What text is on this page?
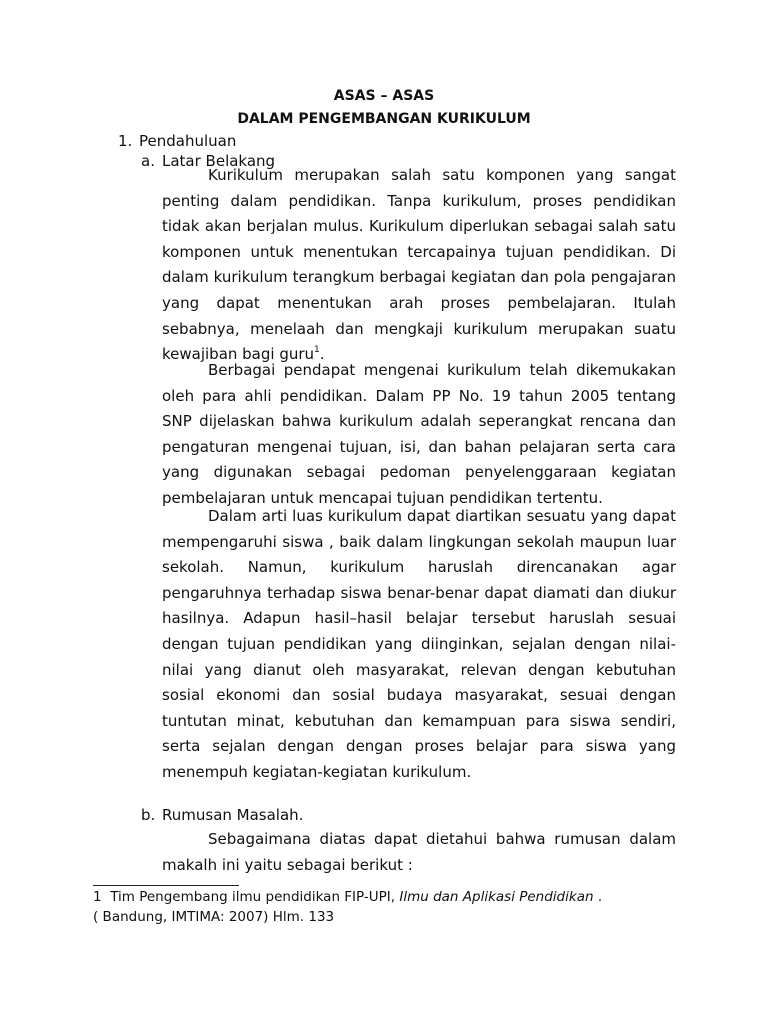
ASAS – ASAS
DALAM PENGEMBANGAN KURIKULUM
1. Pendahuluan
a. Latar Belakang

Kurikulum merupakan salah satu komponen yang sangat penting dalam pendidikan. Tanpa kurikulum, proses pendidikan tidak akan berjalan mulus. Kurikulum diperlukan sebagai salah satu komponen untuk menentukan tercapainya tujuan pendidikan. Di dalam kurikulum terangkum berbagai kegiatan dan pola pengajaran yang dapat menentukan arah proses pembelajaran. Itulah sebabnya, menelaah dan mengkaji kurikulum merupakan suatu kewajiban bagi guru$^1$.

Berbagai pendapat mengenai kurikulum telah dikemukakan oleh para ahli pendidikan. Dalam PP No. 19 tahun 2005 tentang SNP dijelaskan bahwa kurikulum adalah seperangkat rencana dan pengaturan mengenai tujuan, isi, dan bahan pelajaran serta cara yang digunakan sebagai pedoman penyelenggaraan kegiatan pembelajaran untuk mencapai tujuan pendidikan tertentu.

Dalam arti luas kurikulum dapat diartikan sesuatu yang dapat mempengaruhi siswa , baik dalam lingkungan sekolah maupun luar sekolah. Namun, kurikulum haruslah direncanakan agar pengaruhnya terhadap siswa benar-benar dapat diamati dan diukur hasilnya. Adapun hasil–hasil belajar tersebut haruslah sesuai dengan tujuan pendidikan yang diinginkan, sejalan dengan nilai-nilai yang dianut oleh masyarakat, relevan dengan kebutuhan sosial ekonomi dan sosial budaya masyarakat, sesuai dengan tuntutan minat, kebutuhan dan kemampuan para siswa sendiri, serta sejalan dengan dengan proses belajar para siswa yang menempuh kegiatan-kegiatan kurikulum.

b. Rumusan Masalah.

Sebagaimana diatas dapat dietahui bahwa rumusan dalam makalh ini yaitu sebagai berikut :

1 Tim Pengembang ilmu pendidikan FIP-UPI, Ilmu dan Aplikasi Pendidikan .
( Bandung, IMTIMA: 2007) Hlm. 133
